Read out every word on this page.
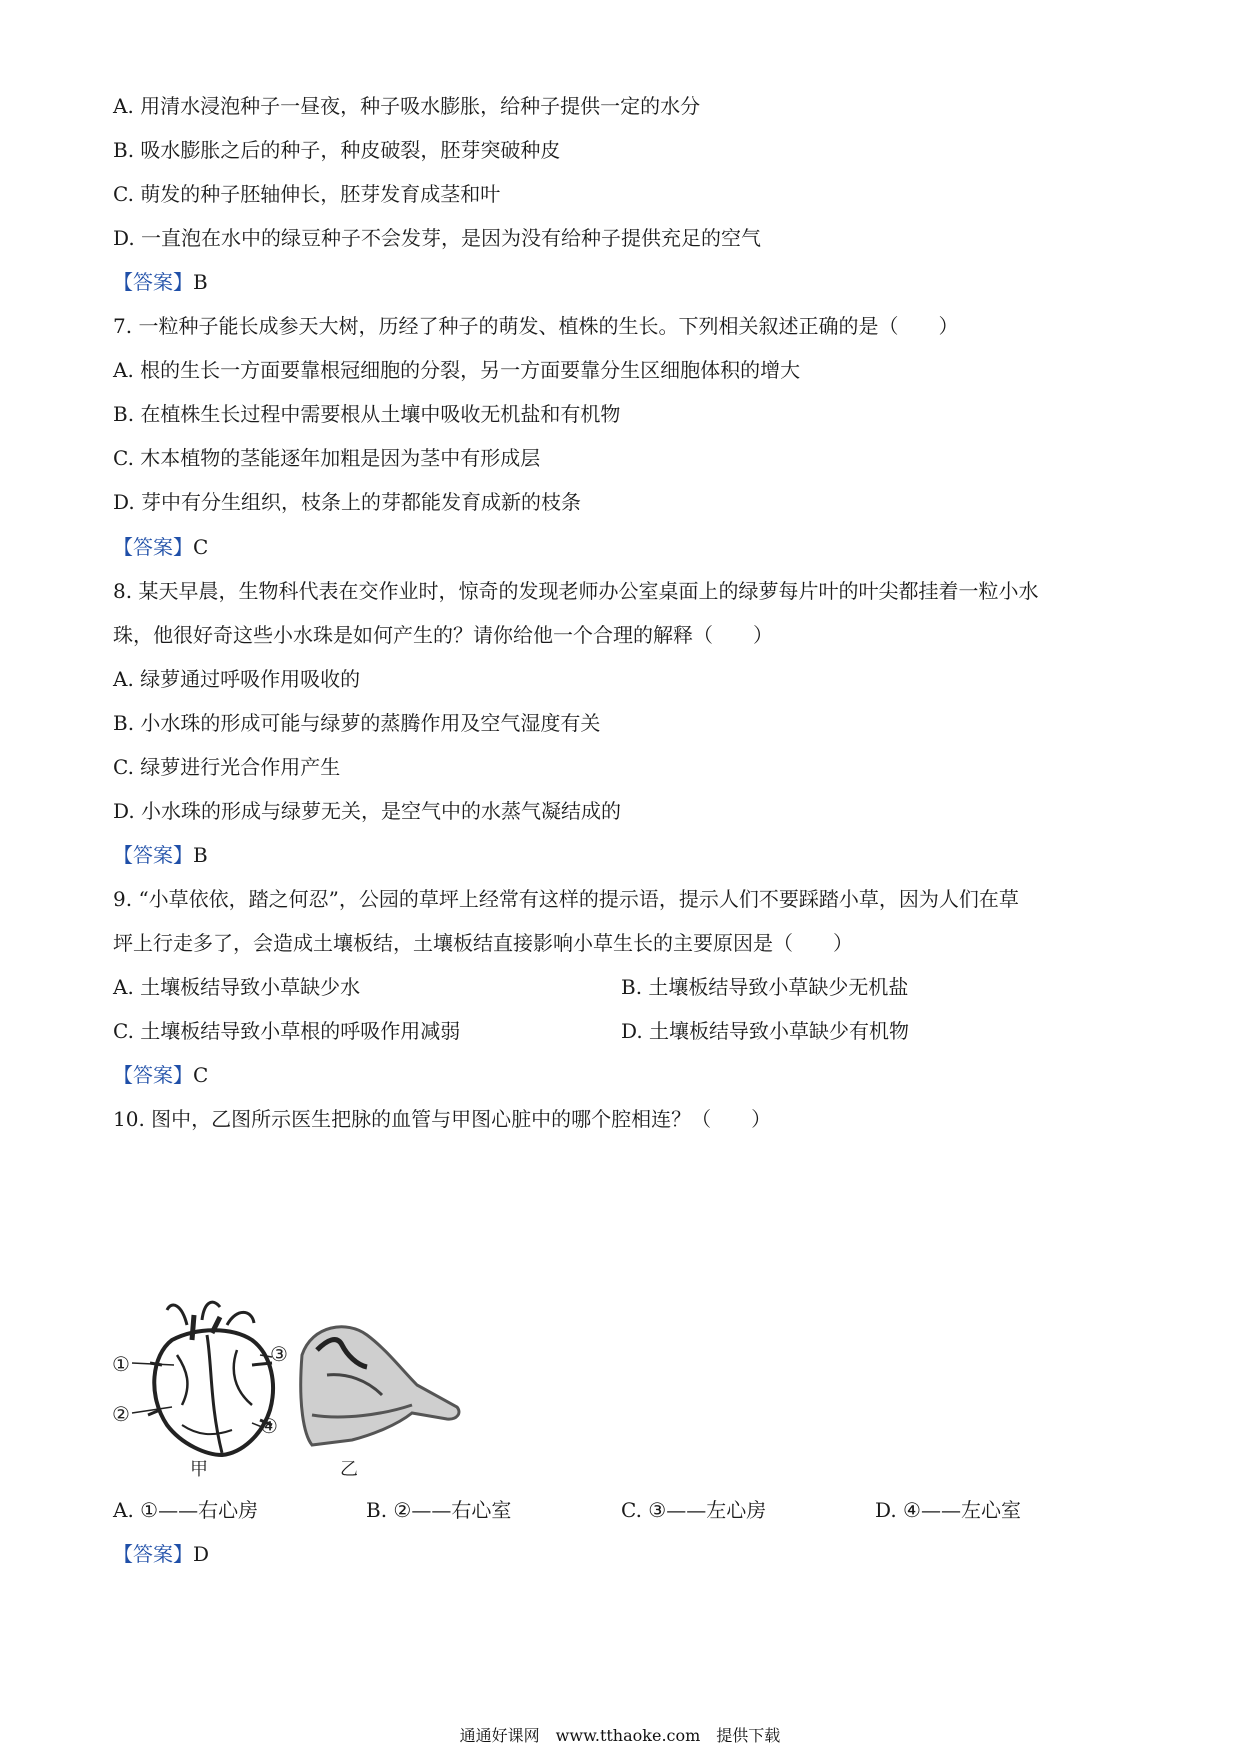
A. 用清水浸泡种子一昼夜，种子吸水膨胀，给种子提供一定的水分
B. 吸水膨胀之后的种子，种皮破裂，胚芽突破种皮
C. 萌发的种子胚轴伸长，胚芽发育成茎和叶
D. 一直泡在水中的绿豆种子不会发芽，是因为没有给种子提供充足的空气
【答案】B
7. 一粒种子能长成参天大树，历经了种子的萌发、植株的生长。下列相关叙述正确的是（　　）
A. 根的生长一方面要靠根冠细胞的分裂，另一方面要靠分生区细胞体积的增大
B. 在植株生长过程中需要根从土壤中吸收无机盐和有机物
C. 木本植物的茎能逐年加粗是因为茎中有形成层
D. 芽中有分生组织，枝条上的芽都能发育成新的枝条
【答案】C
8. 某天早晨，生物科代表在交作业时，惊奇的发现老师办公室桌面上的绿萝每片叶的叶尖都挂着一粒小水
珠，他很好奇这些小水珠是如何产生的？请你给他一个合理的解释（　　）
A. 绿萝通过呼吸作用吸收的
B. 小水珠的形成可能与绿萝的蒸腾作用及空气湿度有关
C. 绿萝进行光合作用产生
D. 小水珠的形成与绿萝无关，是空气中的水蒸气凝结成的
【答案】B
9. “小草依依，踏之何忍”，公园的草坪上经常有这样的提示语，提示人们不要踩踏小草，因为人们在草
坪上行走多了，会造成土壤板结，土壤板结直接影响小草生长的主要原因是（　　）
A. 土壤板结导致小草缺少水	B. 土壤板结导致小草缺少无机盐
C. 土壤板结导致小草根的呼吸作用减弱	D. 土壤板结导致小草缺少有机物
【答案】C
10. 图中，乙图所示医生把脉的血管与甲图心脏中的哪个腔相连？（　　）
①
②
③
④
甲	乙
A. ①——右心房	B. ②——右心室	C. ③——左心房	D. ④——左心室
【答案】D
通通好课网　www.tthaoke.com　提供下载
